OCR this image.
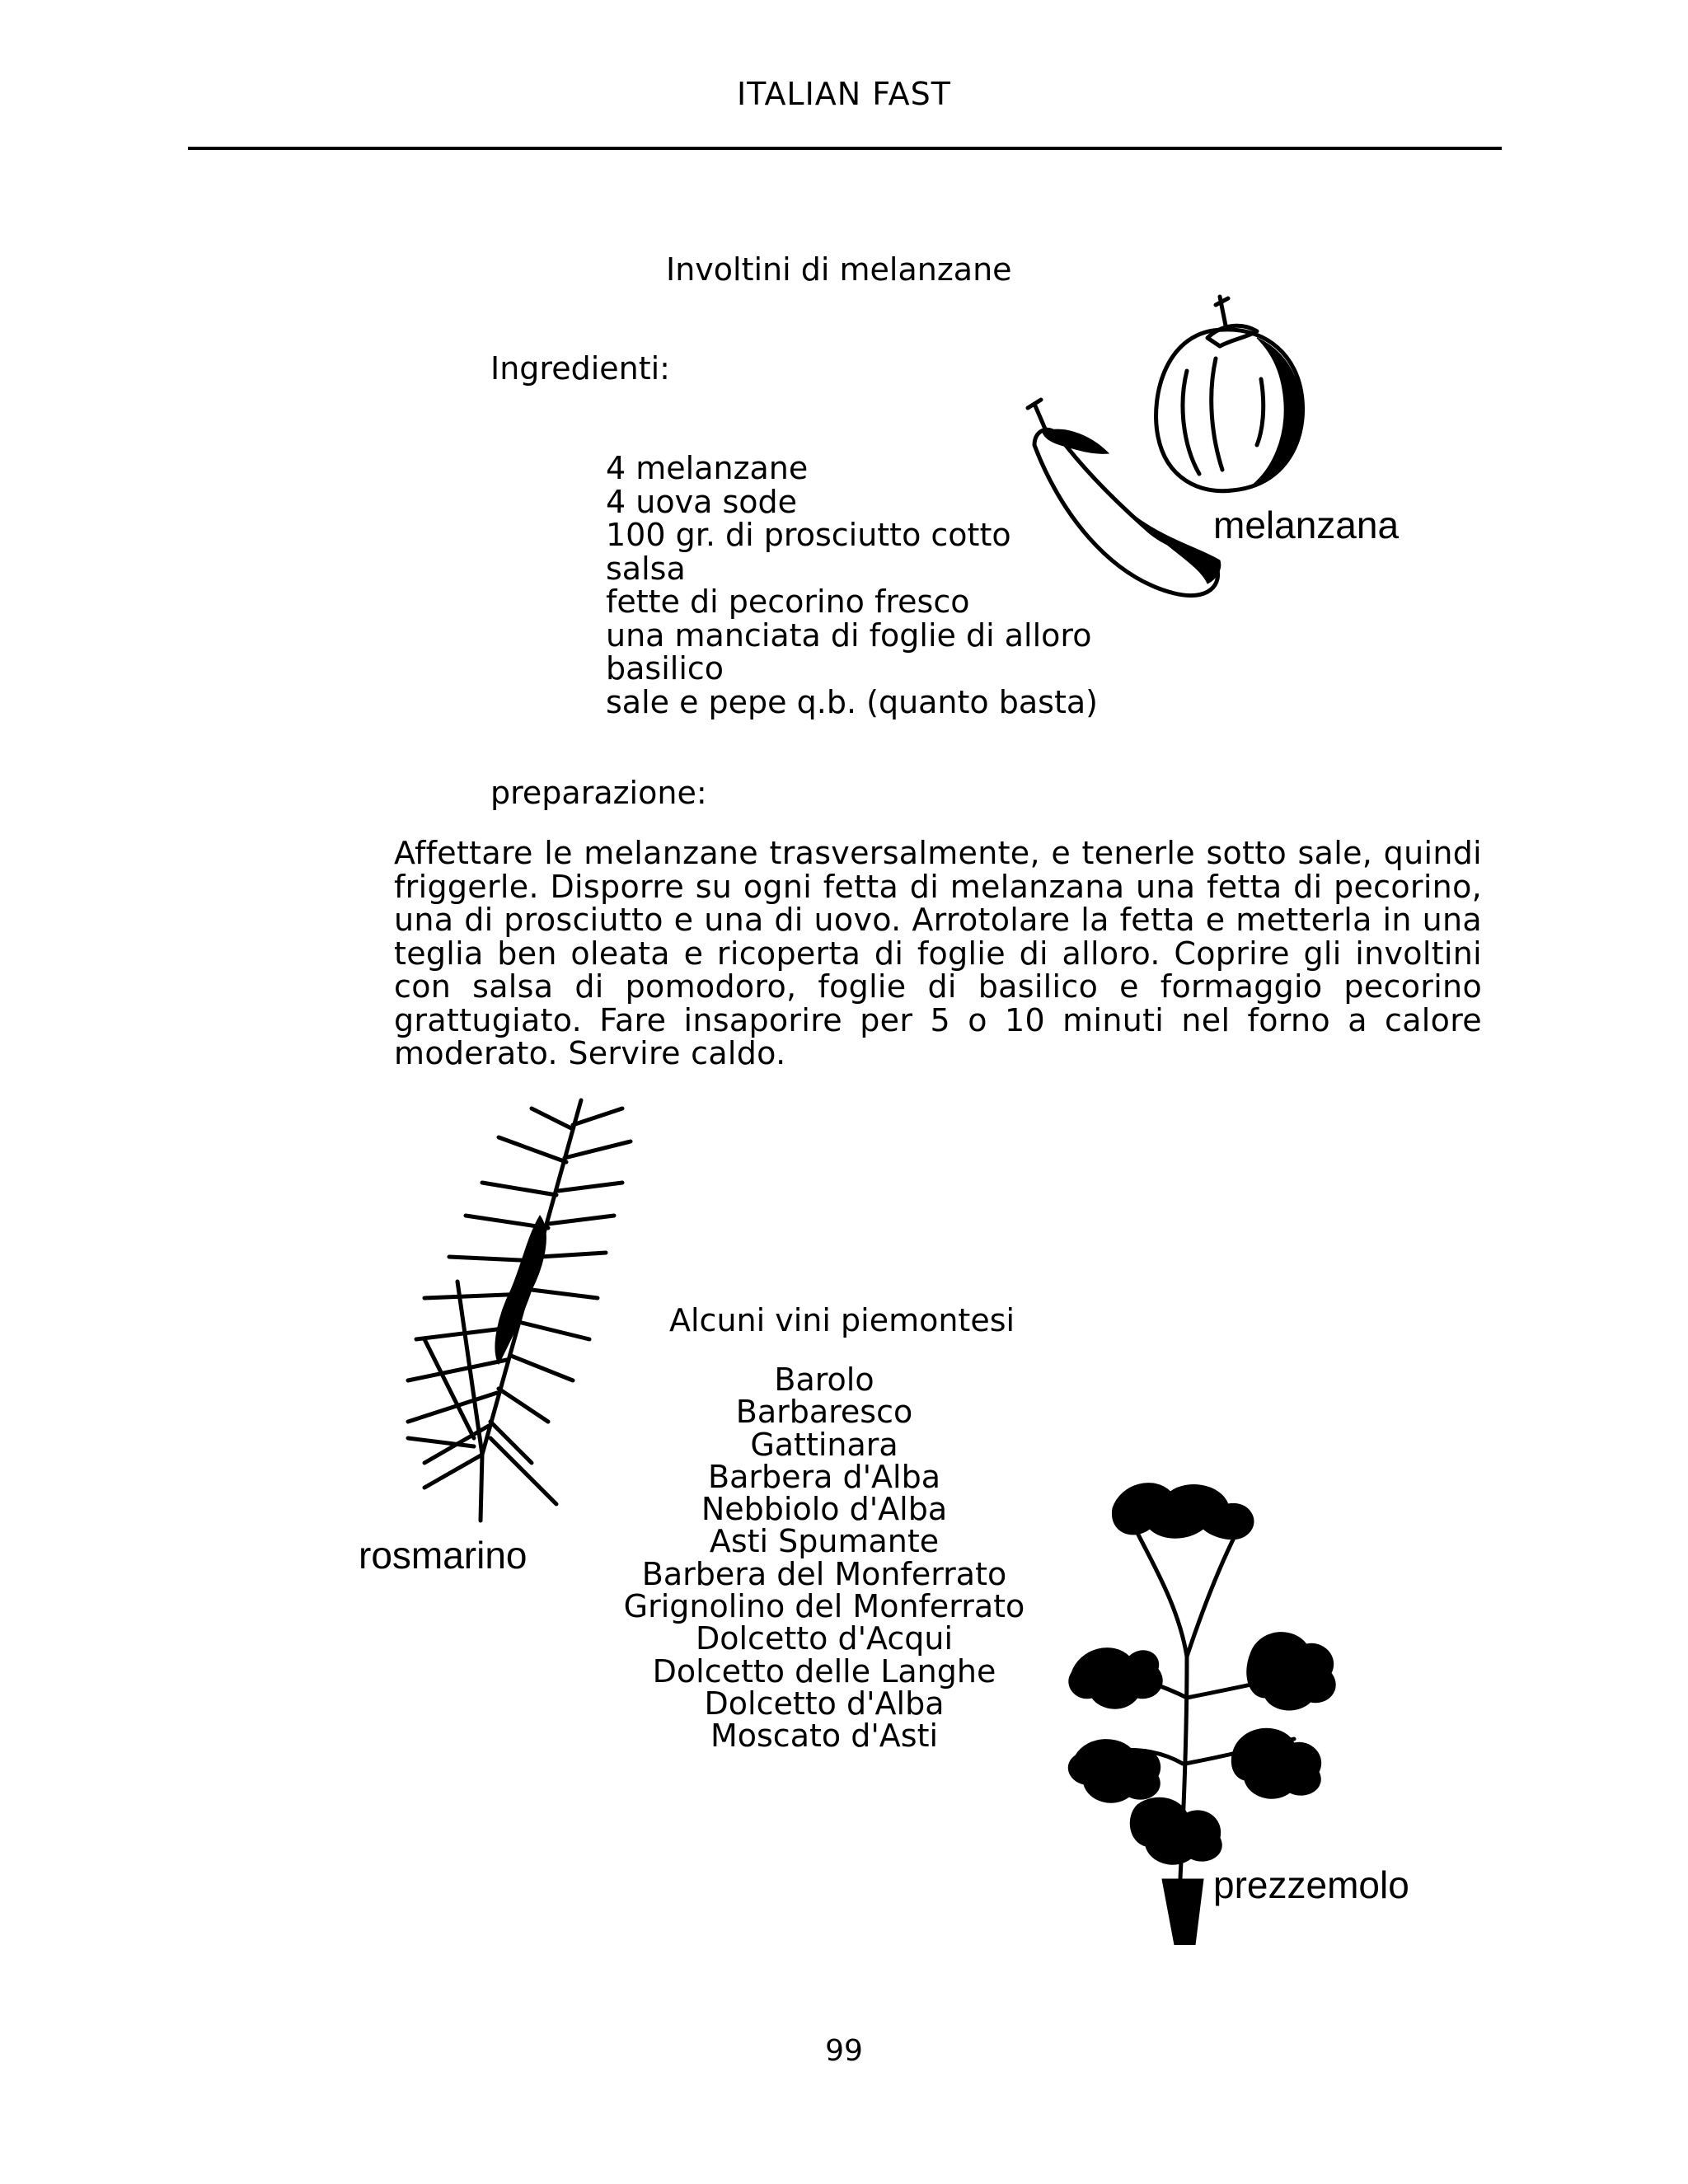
ITALIAN FAST
Involtini di melanzane
Ingredienti:
4 melanzane
4 uova sode
100 gr. di prosciutto cotto
salsa
fette di pecorino fresco
una manciata di foglie di alloro
basilico
sale e pepe q.b. (quanto basta)
melanzana
preparazione:

Affettare le melanzane trasversalmente, e tenerle sotto sale, quindi friggerle. Disporre su ogni fetta di melanzana una fetta di pecorino, una di prosciutto e una di uovo. Arrotolare la fetta e metterla in una teglia ben oleata e ricoperta di foglie di alloro. Coprire gli involtini con salsa di pomodoro, foglie di basilico e formaggio pecorino grattugiato. Fare insaporire per 5 o 10 minuti nel forno a calore moderato. Servire caldo.

rosmarino
Alcuni vini piemontesi
Barolo
Barbaresco
Gattinara
Barbera d'Alba
Nebbiolo d'Alba
Asti Spumante
Barbera del Monferrato
Grignolino del Monferrato
Dolcetto d'Acqui
Dolcetto delle Langhe
Dolcetto d'Alba
Moscato d'Asti
prezzemolo
99
